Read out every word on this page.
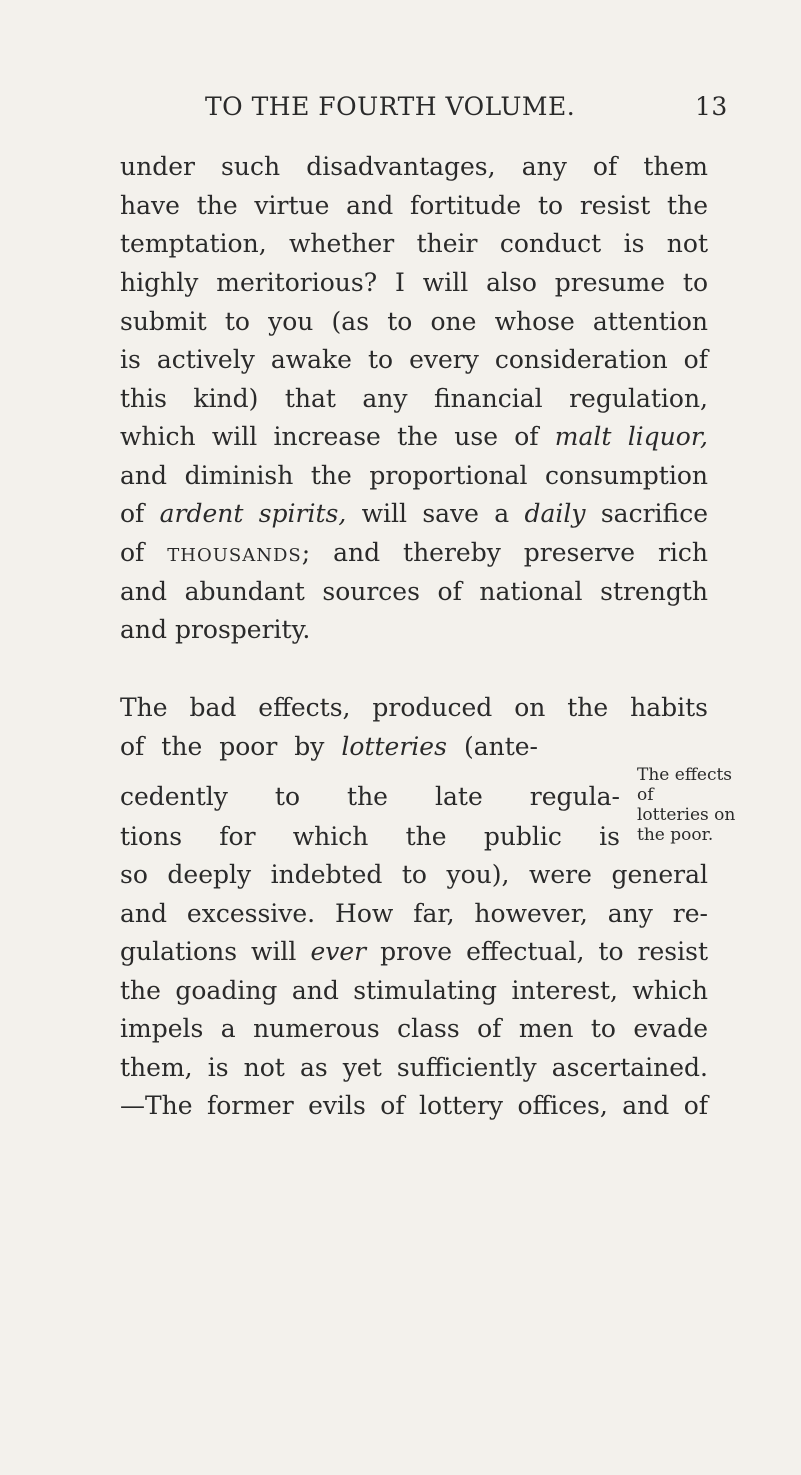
TO THE FOURTH VOLUME.	13
under such disadvantages, any of them
have the virtue and fortitude to resist the
temptation, whether their conduct is not
highly meritorious? I will also presume to
submit to you (as to one whose attention
is actively awake to every consideration of
this kind) that any financial regulation,
which will increase the use of malt liquor,
and diminish the proportional consumption
of ardent spirits, will save a daily sacrifice
of thousands; and thereby preserve rich
and abundant sources of national strength
and prosperity.
The bad effects, produced on the habits
of the poor by lotteries (ante-
cedently to the late regula-
tions for which the public is
so deeply indebted to you), were general
and excessive. How far, however, any re-
gulations will ever prove effectual, to resist
the goading and stimulating interest, which
impels a numerous class of men to evade
them, is not as yet sufficiently ascertained.
—The former evils of lottery offices, and of
The effects of
lotteries on
the poor.
